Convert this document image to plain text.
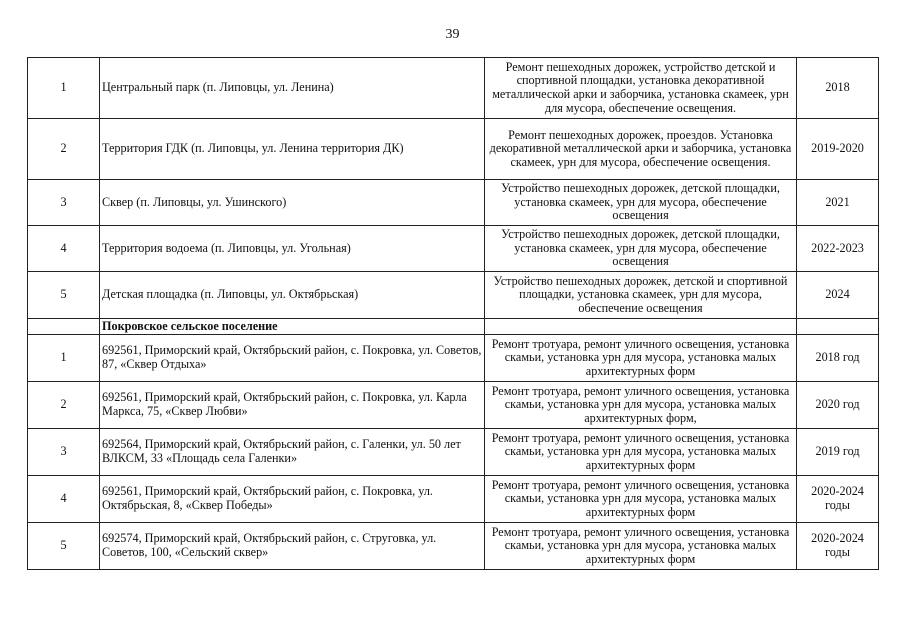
39
1	Центральный парк (п. Липовцы, ул. Ленина)	Ремонт пешеходных дорожек, устройство детской и спортивной площадки, установка декоративной металлической арки и заборчика, установка скамеек, урн для мусора, обеспечение освещения.	2018
2	Территория ГДК (п. Липовцы, ул. Ленина территория ДК)	Ремонт пешеходных дорожек, проездов. Установка декоративной металлической арки и заборчика, установка скамеек, урн для мусора, обеспечение освещения.	2019-2020
3	Сквер (п. Липовцы, ул. Ушинского)	Устройство пешеходных дорожек, детской площадки, установка скамеек, урн для мусора, обеспечение освещения	2021
4	Территория водоема (п. Липовцы, ул. Угольная)	Устройство пешеходных дорожек, детской площадки, установка скамеек, урн для мусора, обеспечение освещения	2022-2023
5	Детская площадка (п. Липовцы, ул. Октябрьская)	Устройство пешеходных дорожек, детской и спортивной площадки, установка скамеек, урн для мусора, обеспечение освещения	2024
	Покровское сельское поселение		
1	692561, Приморский край, Октябрьский район, с. Покровка, ул. Советов, 87, «Сквер Отдыха»	Ремонт тротуара, ремонт уличного освещения, установка скамьи, установка урн для мусора, установка малых архитектурных форм	2018 год
2	692561, Приморский край, Октябрьский район, с. Покровка, ул. Карла Маркса, 75, «Сквер Любви»	Ремонт тротуара, ремонт уличного освещения, установка скамьи, установка урн для мусора, установка малых архитектурных форм,	2020 год
3	692564, Приморский край, Октябрьский район, с. Галенки, ул. 50 лет ВЛКСМ, 33 «Площадь села Галенки»	Ремонт тротуара, ремонт уличного освещения, установка скамьи, установка урн для мусора, установка малых архитектурных форм	2019 год
4	692561, Приморский край, Октябрьский район, с. Покровка, ул. Октябрьская, 8, «Сквер Победы»	Ремонт тротуара, ремонт уличного освещения, установка скамьи, установка урн для мусора, установка малых архитектурных форм	2020-2024 годы
5	692574, Приморский край, Октябрьский район, с. Струговка, ул. Советов, 100, «Сельский сквер»	Ремонт тротуара, ремонт уличного освещения, установка скамьи, установка урн для мусора, установка малых архитектурных форм	2020-2024 годы
